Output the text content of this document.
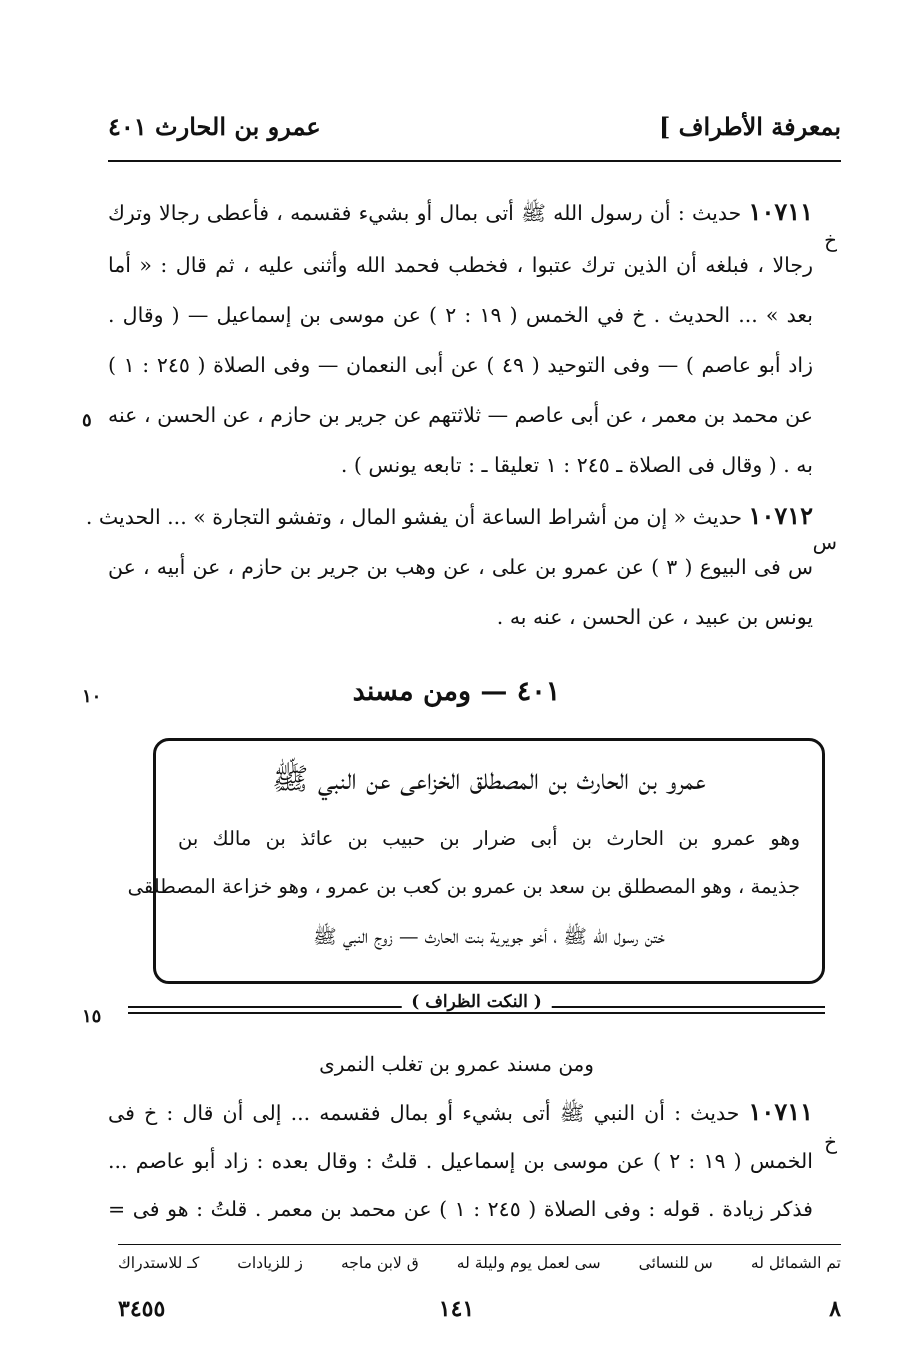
بمعرفة الأطراف ]
عمرو بن الحارث ٤٠١
١٠٧١١ حديث : أن رسول الله ﷺ أتى بمال أو بشيء فقسمه ، فأعطى رجالا وترك
خ
رجالا ، فبلغه أن الذين ترك عتبوا ، فخطب فحمد الله وأثنى عليه ، ثم قال : « أما
بعد » ... الحديث . خ في الخمس ( ١٩ : ٢ ) عن موسى بن إسماعيل — ( وقال .
زاد أبو عاصم ) — وفى التوحيد ( ٤٩ ) عن أبى النعمان — وفى الصلاة ( ٢٤٥ : ١ )
عن محمد بن معمر ، عن أبى عاصم — ثلاثتهم عن جرير بن حازم ، عن الحسن ، عنه
٥
به . ( وقال فى الصلاة ـ ٢٤٥ : ١ تعليقا ـ : تابعه يونس ) .
١٠٧١٢ حديث « إن من أشراط الساعة أن يفشو المال ، وتفشو التجارة » ... الحديث .
س
س فى البيوع ( ٣ ) عن عمرو بن على ، عن وهب بن جرير بن حازم ، عن أبيه ، عن
يونس بن عبيد ، عن الحسن ، عنه به .
٤٠١ — ومن مسند
١٠
عمرو بن الحارث بن المصطلق الخزاعى عن النبي ﷺ
وهو عمرو بن الحارث بن أبى ضرار بن حبيب بن عائذ بن مالك بن
جذيمة ، وهو المصطلق بن سعد بن عمرو بن كعب بن عمرو ، وهو خزاعة المصطلقى
ختن رسول الله ﷺ ، أخو جويرية بنت الحارث — زوج النبي ﷺ
( النكت الظراف )
١٥
ومن مسند عمرو بن تغلب النمرى
١٠٧١١ حديث : أن النبي ﷺ أتى بشيء أو بمال فقسمه ... إلى أن قال : خ فى
خ
الخمس ( ١٩ : ٢ ) عن موسى بن إسماعيل . قلتُ : وقال بعده : زاد أبو عاصم ...
فذكر زيادة . قوله : وفى الصلاة ( ٢٤٥ : ١ ) عن محمد بن معمر . قلتُ : هو فى =
تم الشمائل له
س للنسائى
سى لعمل يوم وليلة له
ق لابن ماجه
ز للزيادات
كـ للاستدراك
٨
١٤١
٣٤٥٥
